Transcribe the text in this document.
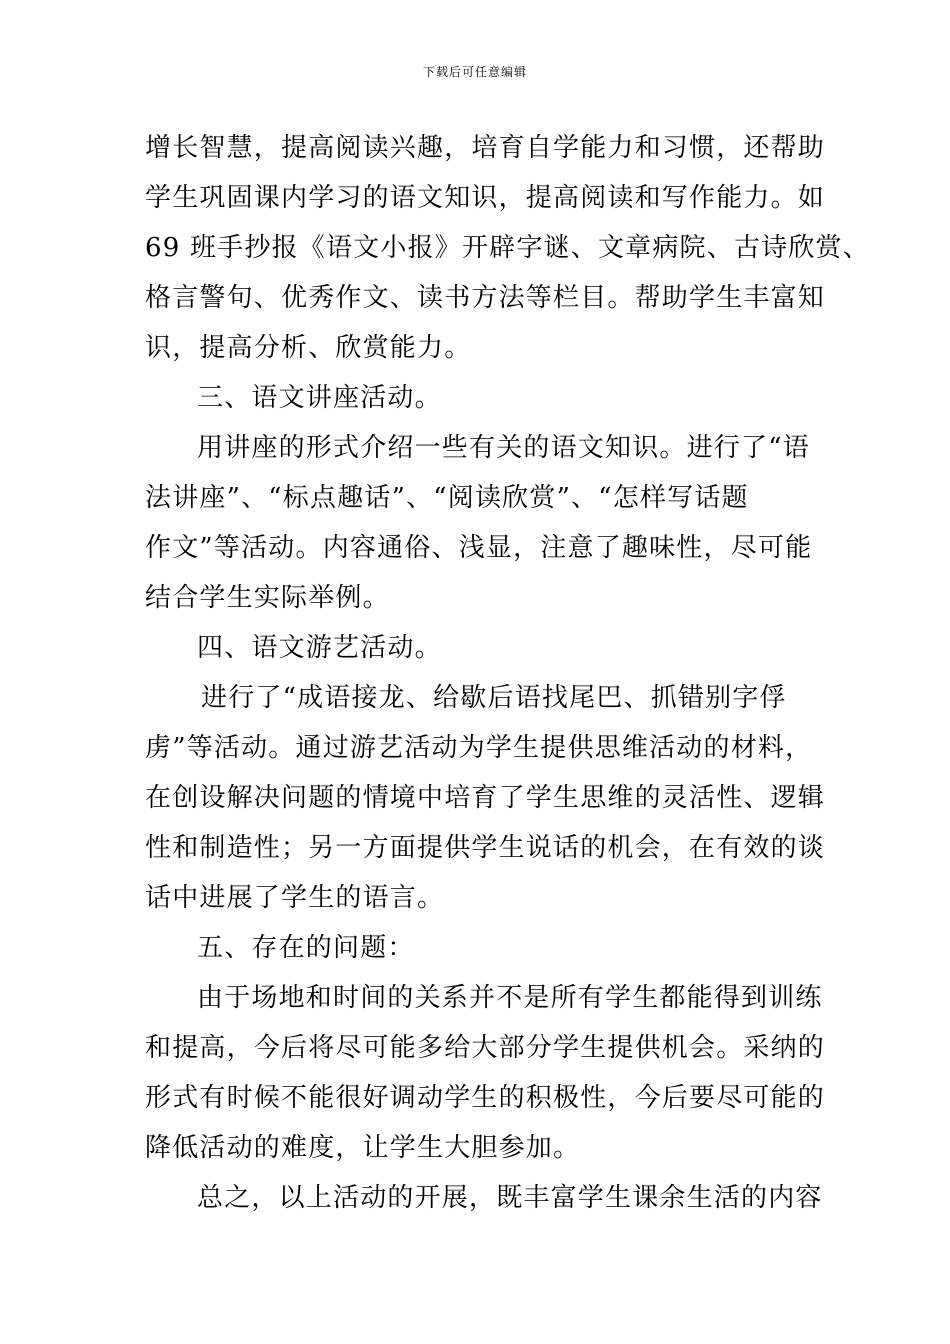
下载后可任意编辑
增长智慧，提高阅读兴趣，培育自学能力和习惯，还帮助
学生巩固课内学习的语文知识，提高阅读和写作能力。如
69 班手抄报《语文小报》开辟字谜、文章病院、古诗欣赏、
格言警句、优秀作文、读书方法等栏目。帮助学生丰富知
识，提高分析、欣赏能力。
三、语文讲座活动。
用讲座的形式介绍一些有关的语文知识。进行了“语
法讲座”、“标点趣话”、“阅读欣赏”、“怎样写话题
作文”等活动。内容通俗、浅显，注意了趣味性，尽可能
结合学生实际举例。
四、语文游艺活动。
进行了“成语接龙、给歇后语找尾巴、抓错别字俘
虏”等活动。通过游艺活动为学生提供思维活动的材料，
在创设解决问题的情境中培育了学生思维的灵活性、逻辑
性和制造性；另一方面提供学生说话的机会，在有效的谈
话中进展了学生的语言。
五、存在的问题：
由于场地和时间的关系并不是所有学生都能得到训练
和提高，今后将尽可能多给大部分学生提供机会。采纳的
形式有时候不能很好调动学生的积极性，今后要尽可能的
降低活动的难度，让学生大胆参加。
总之，以上活动的开展，既丰富学生课余生活的内容
